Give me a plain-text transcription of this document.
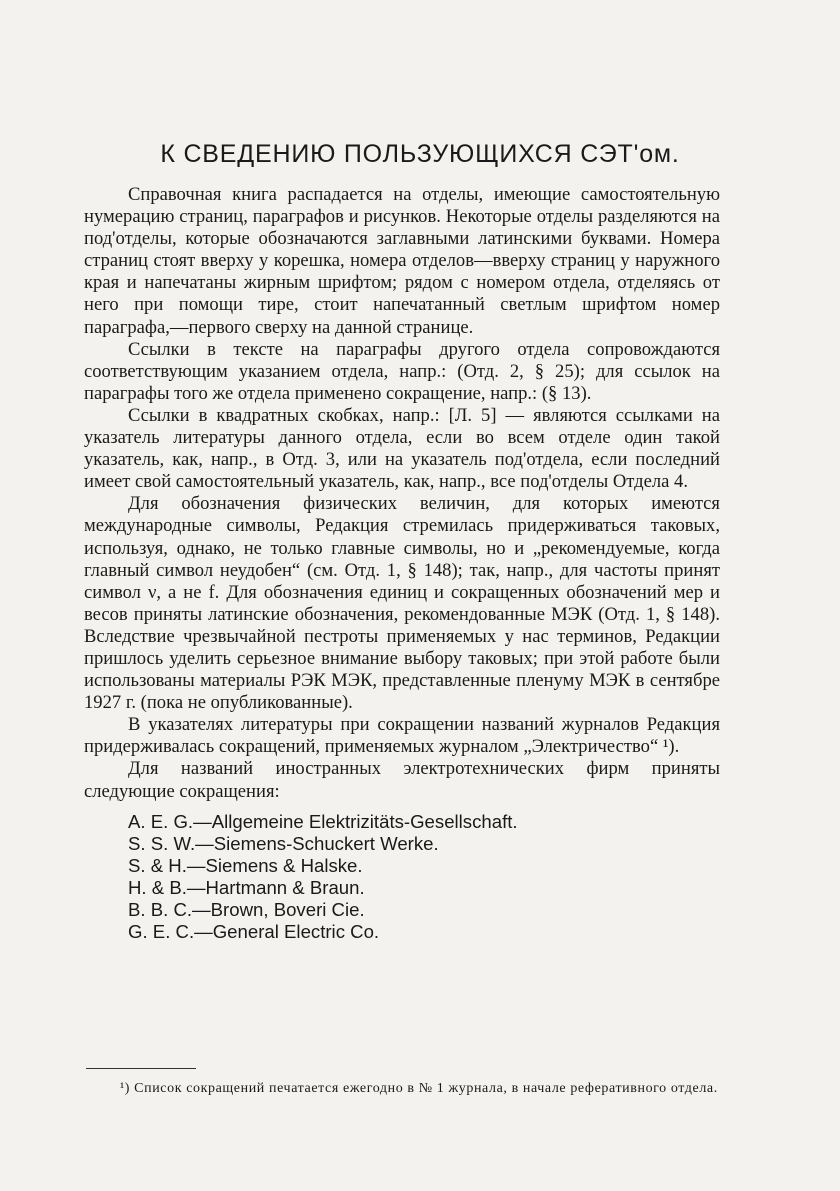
К СВЕДЕНИЮ ПОЛЬЗУЮЩИХСЯ СЭТ'ом.

Справочная книга распадается на отделы, имеющие самостоятельную нумерацию страниц, параграфов и рисунков. Некоторые отделы разделяются на под'отделы, которые обозначаются заглавными латинскими буквами. Номера страниц стоят вверху у корешка, номера отделов—вверху страниц у наружного края и напечатаны жирным шрифтом; рядом с номером отдела, отделяясь от него при помощи тире, стоит напечатанный светлым шрифтом номер параграфа,—первого сверху на данной странице.

Ссылки в тексте на параграфы другого отдела сопровождаются соответствующим указанием отдела, напр.: (Отд. 2, § 25); для ссылок на параграфы того же отдела применено сокращение, напр.: (§ 13).

Ссылки в квадратных скобках, напр.: [Л. 5] — являются ссылками на указатель литературы данного отдела, если во всем отделе один такой указатель, как, напр., в Отд. 3, или на указатель под'отдела, если последний имеет свой самостоятельный указатель, как, напр., все под'отделы Отдела 4.

Для обозначения физических величин, для которых имеются международные символы, Редакция стремилась придерживаться таковых, используя, однако, не только главные символы, но и „рекомендуемые, когда главный символ неудобен“ (см. Отд. 1, § 148); так, напр., для частоты принят символ ν, а не f. Для обозначения единиц и сокращенных обозначений мер и весов приняты латинские обозначения, рекомендованные МЭК (Отд. 1, § 148). Вследствие чрезвычайной пестроты применяемых у нас терминов, Редакции пришлось уделить серьезное внимание выбору таковых; при этой работе были использованы материалы РЭК МЭК, представленные пленуму МЭК в сентябре 1927 г. (пока не опубликованные).

В указателях литературы при сокращении названий журналов Редакция придерживалась сокращений, применяемых журналом „Электричество“ ¹).

Для названий иностранных электротехнических фирм приняты следующие сокращения:

A. E. G.—Allgemeine Elektrizitäts-Gesellschaft.
S. S. W.—Siemens-Schuckert Werke.
S. & H.—Siemens & Halske.
H. & B.—Hartmann & Braun.
B. B. C.—Brown, Boveri Cie.
G. E. C.—General Electric Co.
¹) Список сокращений печатается ежегодно в № 1 журнала, в начале реферативного отдела.
